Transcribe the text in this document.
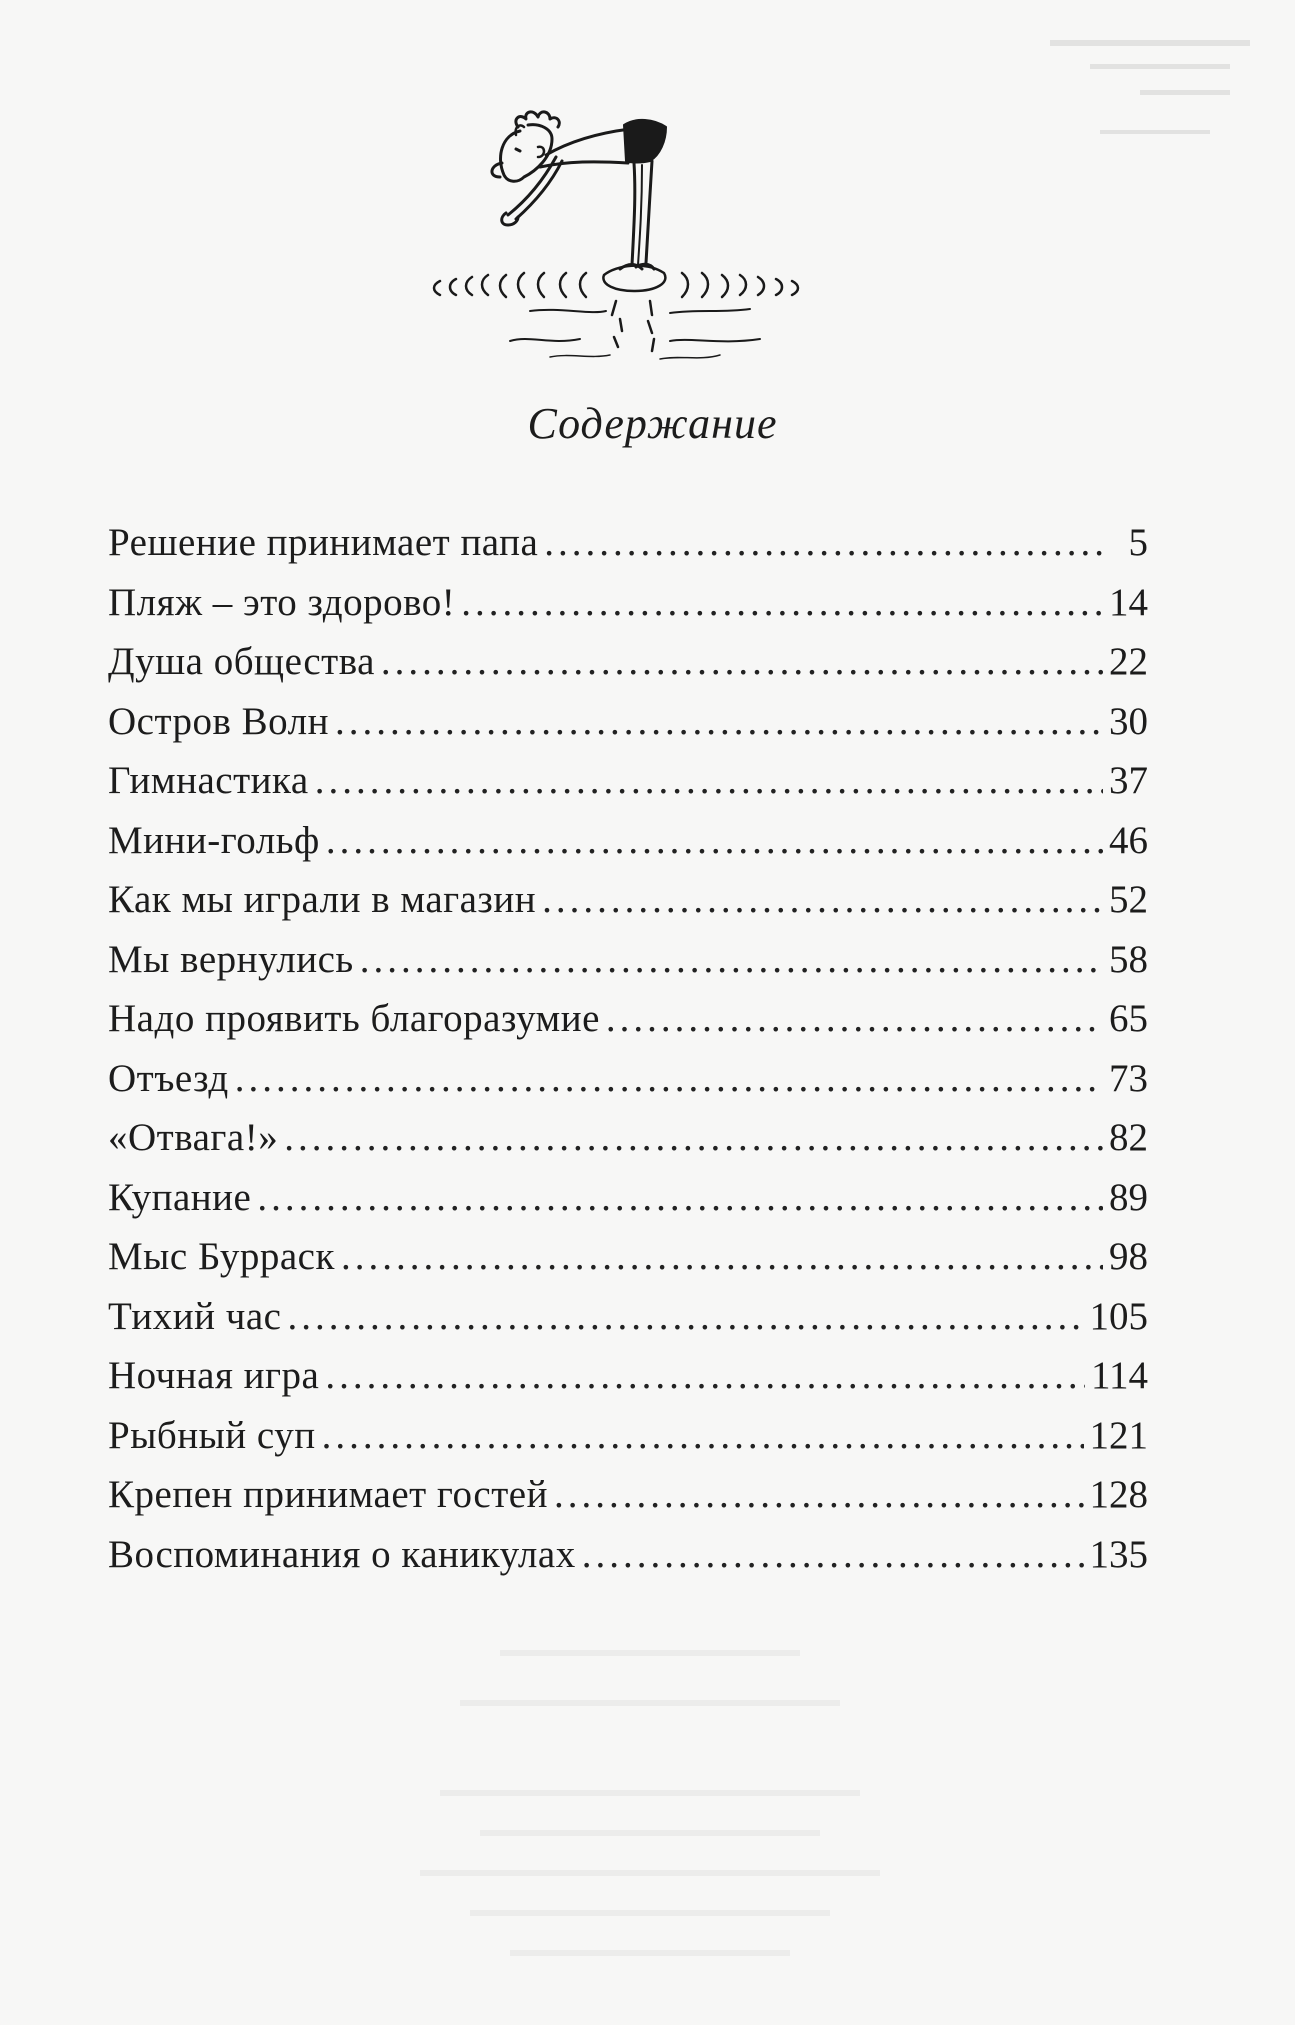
Содержание
Решение принимает папа .....	5
Пляж – это здорово! .....	14
Душа общества .....	22
Остров Волн .....	30
Гимнастика .....	37
Мини-гольф .....	46
Как мы играли в магазин .....	52
Мы вернулись .....	58
Надо проявить благоразумие .....	65
Отъезд .....	73
«Отвага!» .....	82
Купание .....	89
Мыс Бурраск .....	98
Тихий час .....	105
Ночная игра .....	114
Рыбный суп .....	121
Крепен принимает гостей .....	128
Воспоминания о каникулах .....	135
